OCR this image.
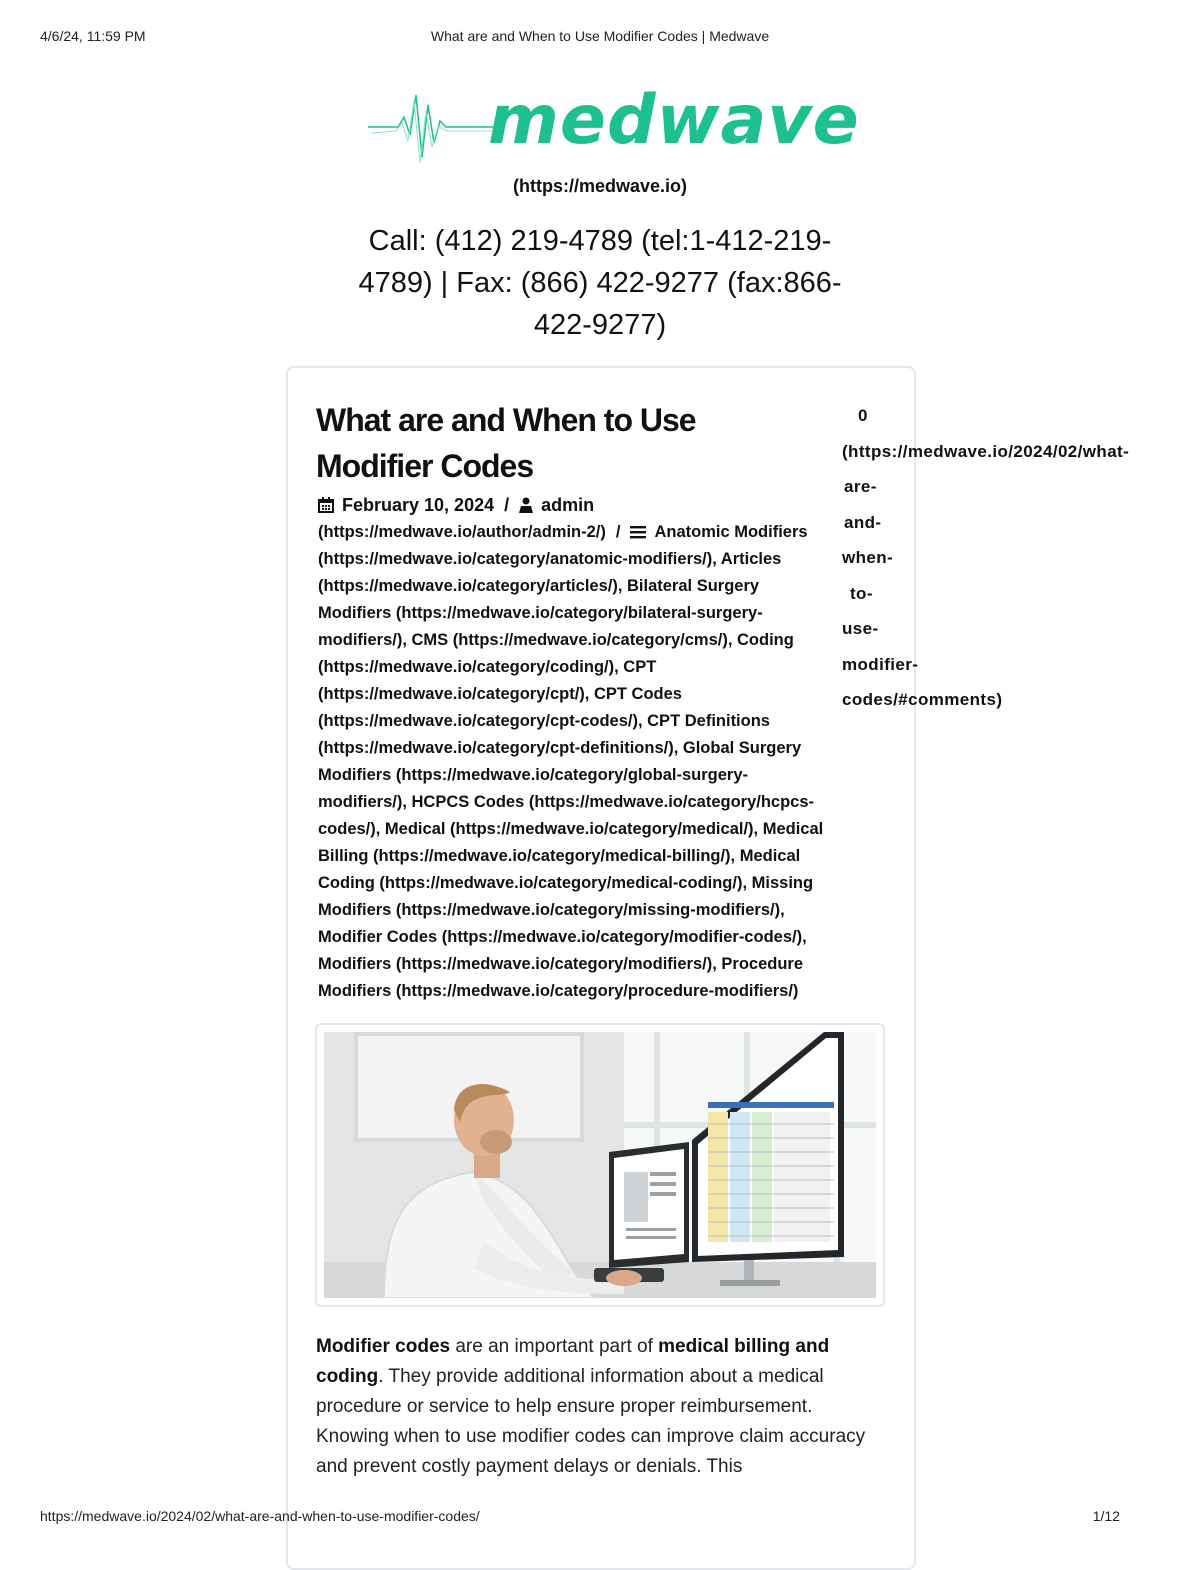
4/6/24, 11:59 PM	What are and When to Use Modifier Codes | Medwave
medwave
(https://medwave.io)
Call: (412) 219-4789 (tel:1-412-219-
4789) | Fax: (866) 422-9277 (fax:866-
422-9277)
What are and When to Use
Modifier Codes
February 10, 2024 / admin
(https://medwave.io/author/admin-2/) / Anatomic Modifiers
(https://medwave.io/category/anatomic-modifiers/), Articles
(https://medwave.io/category/articles/), Bilateral Surgery
Modifiers (https://medwave.io/category/bilateral-surgery-
modifiers/), CMS (https://medwave.io/category/cms/), Coding
(https://medwave.io/category/coding/), CPT
(https://medwave.io/category/cpt/), CPT Codes
(https://medwave.io/category/cpt-codes/), CPT Definitions
(https://medwave.io/category/cpt-definitions/), Global Surgery
Modifiers (https://medwave.io/category/global-surgery-
modifiers/), HCPCS Codes (https://medwave.io/category/hcpcs-
codes/), Medical (https://medwave.io/category/medical/), Medical
Billing (https://medwave.io/category/medical-billing/), Medical
Coding (https://medwave.io/category/medical-coding/), Missing
Modifiers (https://medwave.io/category/missing-modifiers/),
Modifier Codes (https://medwave.io/category/modifier-codes/),
Modifiers (https://medwave.io/category/modifiers/), Procedure
Modifiers (https://medwave.io/category/procedure-modifiers/)
0
(https://medwave.io/2024/02/what-
are-
and-
when-
to-
use-
modifier-
codes/#comments)
Modifier codes are an important part of medical billing and coding. They provide additional information about a medical procedure or service to help ensure proper reimbursement. Knowing when to use modifier codes can improve claim accuracy and prevent costly payment delays or denials. This
https://medwave.io/2024/02/what-are-and-when-to-use-modifier-codes/	1/12
